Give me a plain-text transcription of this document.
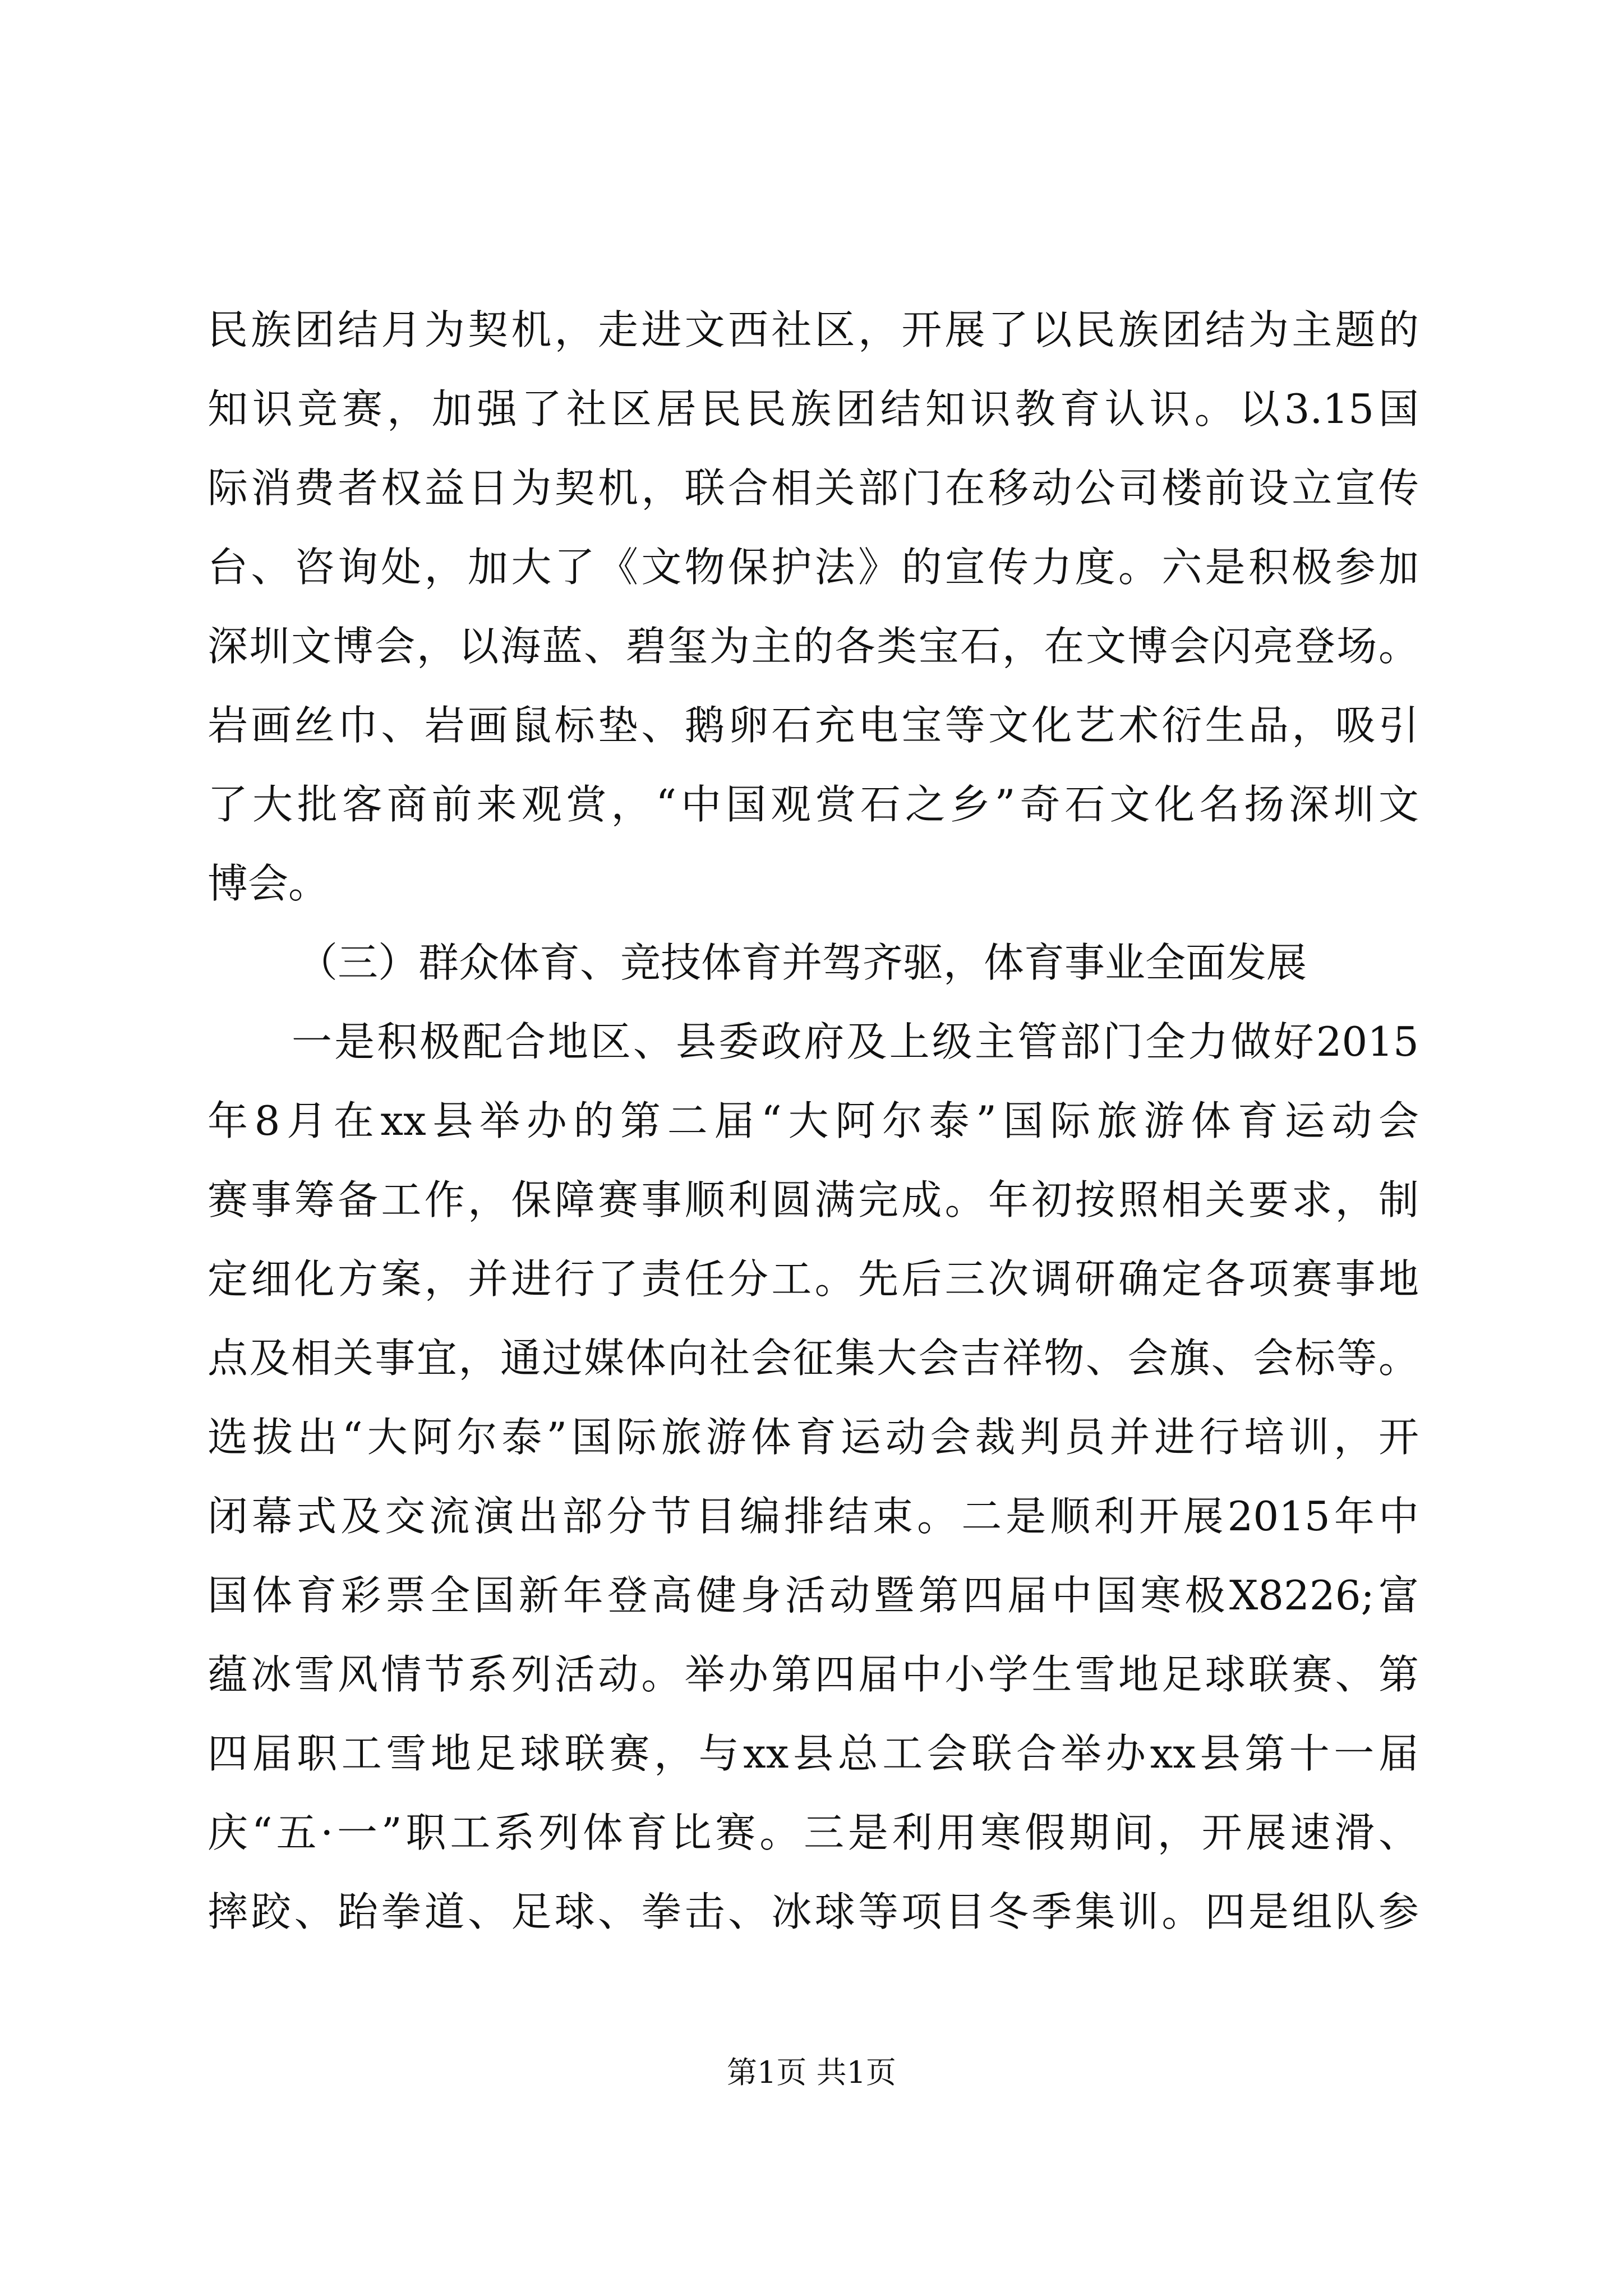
民族团结月为契机，走进文西社区，开展了以民族团结为主题的
知识竞赛，加强了社区居民民族团结知识教育认识。以3.15国
际消费者权益日为契机，联合相关部门在移动公司楼前设立宣传
台、咨询处，加大了《文物保护法》的宣传力度。六是积极参加
深圳文博会，以海蓝、碧玺为主的各类宝石，在文博会闪亮登场。
岩画丝巾、岩画鼠标垫、鹅卵石充电宝等文化艺术衍生品，吸引
了大批客商前来观赏，“中国观赏石之乡”奇石文化名扬深圳文
博会。
（三）群众体育、竞技体育并驾齐驱，体育事业全面发展
一是积极配合地区、县委政府及上级主管部门全力做好2015
年8月在xx县举办的第二届“大阿尔泰”国际旅游体育运动会
赛事筹备工作，保障赛事顺利圆满完成。年初按照相关要求，制
定细化方案，并进行了责任分工。先后三次调研确定各项赛事地
点及相关事宜，通过媒体向社会征集大会吉祥物、会旗、会标等。
选拔出“大阿尔泰”国际旅游体育运动会裁判员并进行培训，开
闭幕式及交流演出部分节目编排结束。二是顺利开展2015年中
国体育彩票全国新年登高健身活动暨第四届中国寒极X8226;富
蕴冰雪风情节系列活动。举办第四届中小学生雪地足球联赛、第
四届职工雪地足球联赛，与xx县总工会联合举办xx县第十一届
庆“五·一”职工系列体育比赛。三是利用寒假期间，开展速滑、
摔跤、跆拳道、足球、拳击、冰球等项目冬季集训。四是组队参
第1页 共1页
